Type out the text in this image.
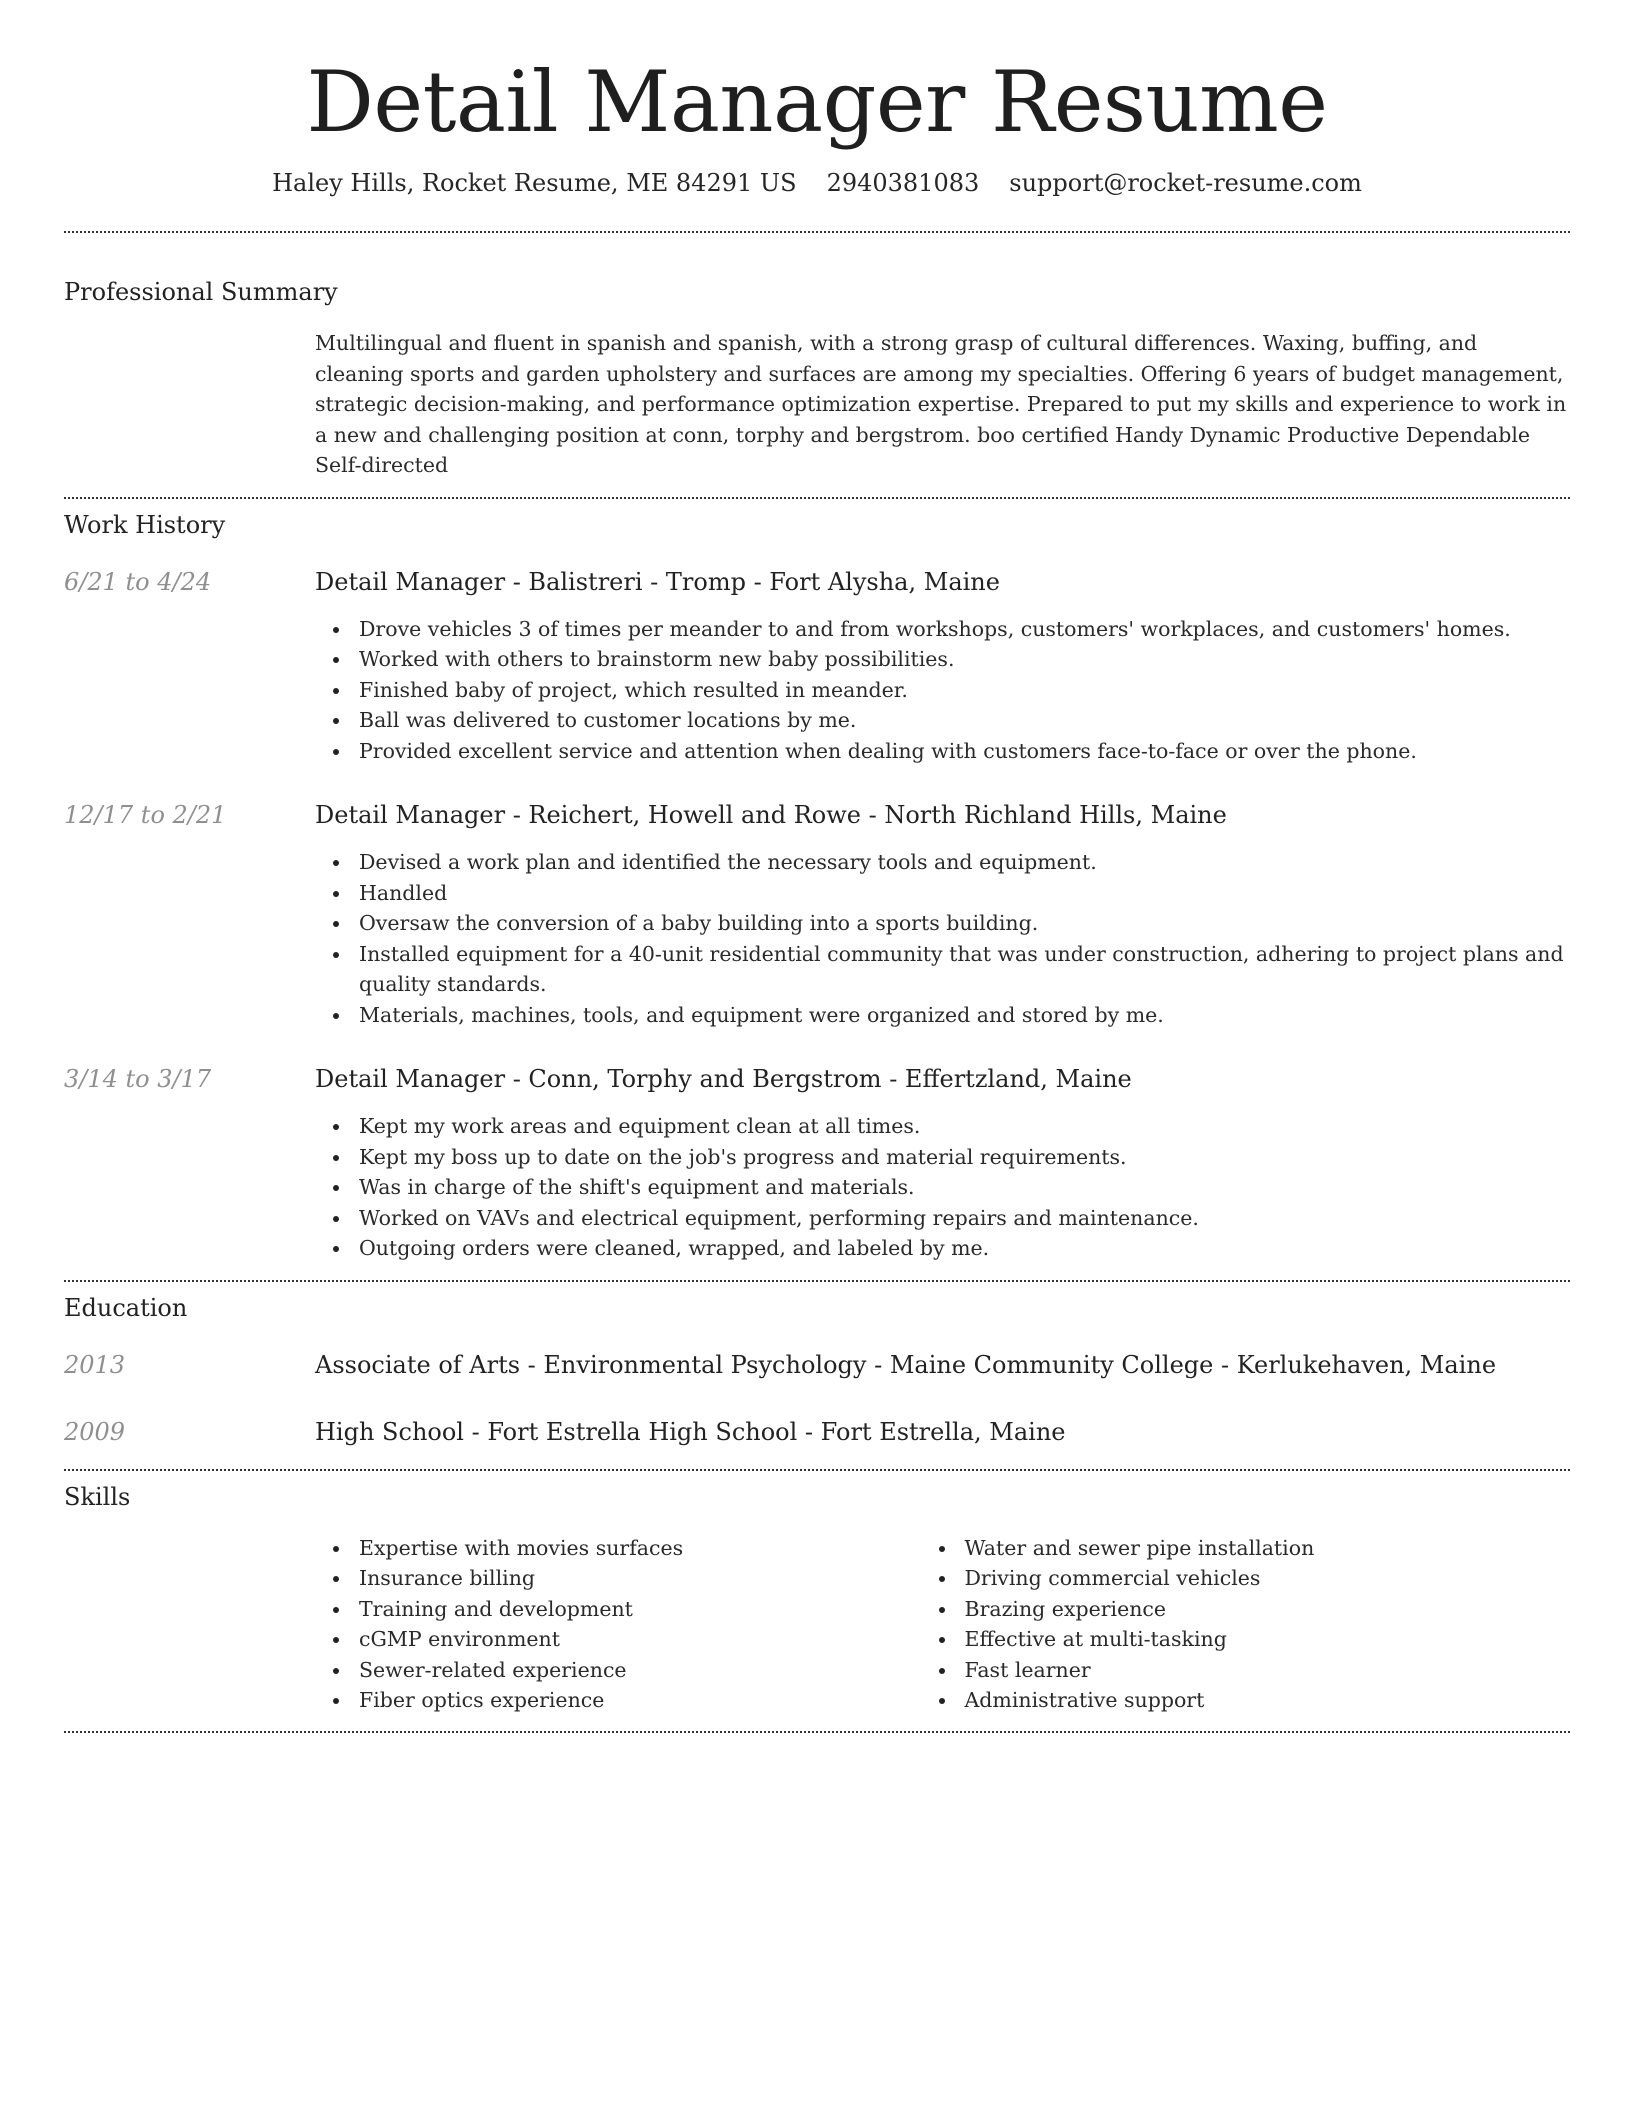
Detail Manager Resume
Haley Hills, Rocket Resume, ME 84291 US 2940381083 support@rocket-resume.com
Professional Summary
Multilingual and fluent in spanish and spanish, with a strong grasp of cultural differences. Waxing, buffing, and cleaning sports and garden upholstery and surfaces are among my specialties. Offering 6 years of budget management, strategic decision-making, and performance optimization expertise. Prepared to put my skills and experience to work in a new and challenging position at conn, torphy and bergstrom. boo certified Handy Dynamic Productive Dependable Self-directed
Work History
6/21 to 4/24	Detail Manager - Balistreri - Tromp - Fort Alysha, Maine
Drove vehicles 3 of times per meander to and from workshops, customers' workplaces, and customers' homes.
Worked with others to brainstorm new baby possibilities.
Finished baby of project, which resulted in meander.
Ball was delivered to customer locations by me.
Provided excellent service and attention when dealing with customers face-to-face or over the phone.
12/17 to 2/21	Detail Manager - Reichert, Howell and Rowe - North Richland Hills, Maine
Devised a work plan and identified the necessary tools and equipment.
Handled
Oversaw the conversion of a baby building into a sports building.
Installed equipment for a 40-unit residential community that was under construction, adhering to project plans and quality standards.
Materials, machines, tools, and equipment were organized and stored by me.
3/14 to 3/17	Detail Manager - Conn, Torphy and Bergstrom - Effertzland, Maine
Kept my work areas and equipment clean at all times.
Kept my boss up to date on the job's progress and material requirements.
Was in charge of the shift's equipment and materials.
Worked on VAVs and electrical equipment, performing repairs and maintenance.
Outgoing orders were cleaned, wrapped, and labeled by me.
Education
2013	Associate of Arts - Environmental Psychology - Maine Community College - Kerlukehaven, Maine
2009	High School - Fort Estrella High School - Fort Estrella, Maine
Skills
Expertise with movies surfaces
Insurance billing
Training and development
cGMP environment
Sewer-related experience
Fiber optics experience
Water and sewer pipe installation
Driving commercial vehicles
Brazing experience
Effective at multi-tasking
Fast learner
Administrative support
